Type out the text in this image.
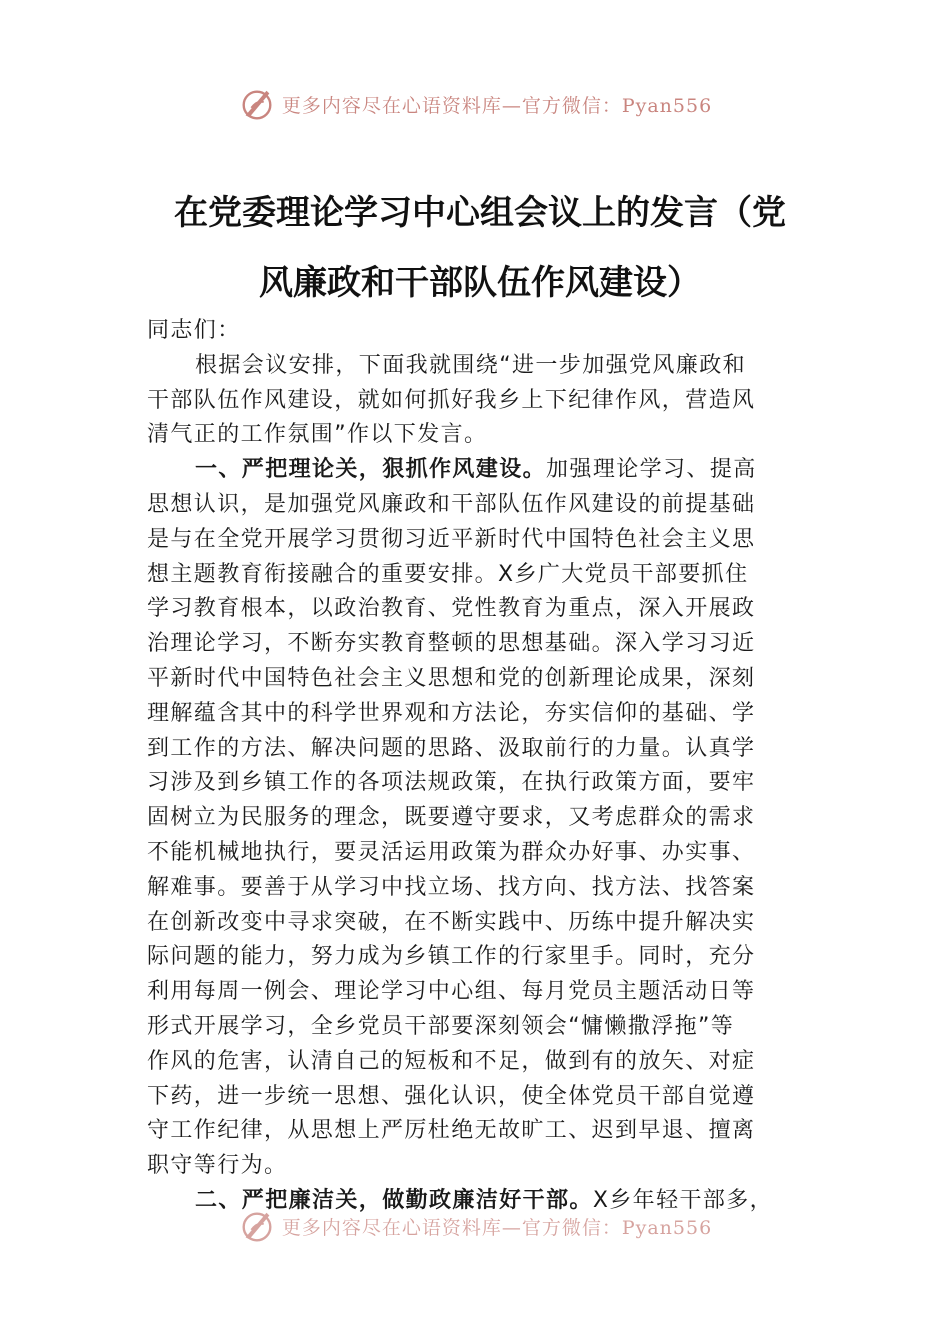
更多内容尽在心语资料库—官方微信：Pyan556
在党委理论学习中心组会议上的发言（党
风廉政和干部队伍作风建设）
同志们：
根据会议安排，下面我就围绕“进一步加强党风廉政和
干部队伍作风建设，就如何抓好我乡上下纪律作风，营造风
清气正的工作氛围”作以下发言。
一、严把理论关，狠抓作风建设。加强理论学习、提高
思想认识，是加强党风廉政和干部队伍作风建设的前提基础
是与在全党开展学习贯彻习近平新时代中国特色社会主义思
想主题教育衔接融合的重要安排。X乡广大党员干部要抓住
学习教育根本，以政治教育、党性教育为重点，深入开展政
治理论学习，不断夯实教育整顿的思想基础。深入学习习近
平新时代中国特色社会主义思想和党的创新理论成果，深刻
理解蕴含其中的科学世界观和方法论，夯实信仰的基础、学
到工作的方法、解决问题的思路、汲取前行的力量。认真学
习涉及到乡镇工作的各项法规政策，在执行政策方面，要牢
固树立为民服务的理念，既要遵守要求，又考虑群众的需求
不能机械地执行，要灵活运用政策为群众办好事、办实事、
解难事。要善于从学习中找立场、找方向、找方法、找答案
在创新改变中寻求突破，在不断实践中、历练中提升解决实
际问题的能力，努力成为乡镇工作的行家里手。同时，充分
利用每周一例会、理论学习中心组、每月党员主题活动日等
形式开展学习，全乡党员干部要深刻领会“慵懒撒浮拖”等
作风的危害，认清自己的短板和不足，做到有的放矢、对症
下药，进一步统一思想、强化认识，使全体党员干部自觉遵
守工作纪律，从思想上严厉杜绝无故旷工、迟到早退、擅离
职守等行为。
二、严把廉洁关，做勤政廉洁好干部。X乡年轻干部多，
更多内容尽在心语资料库—官方微信：Pyan556
